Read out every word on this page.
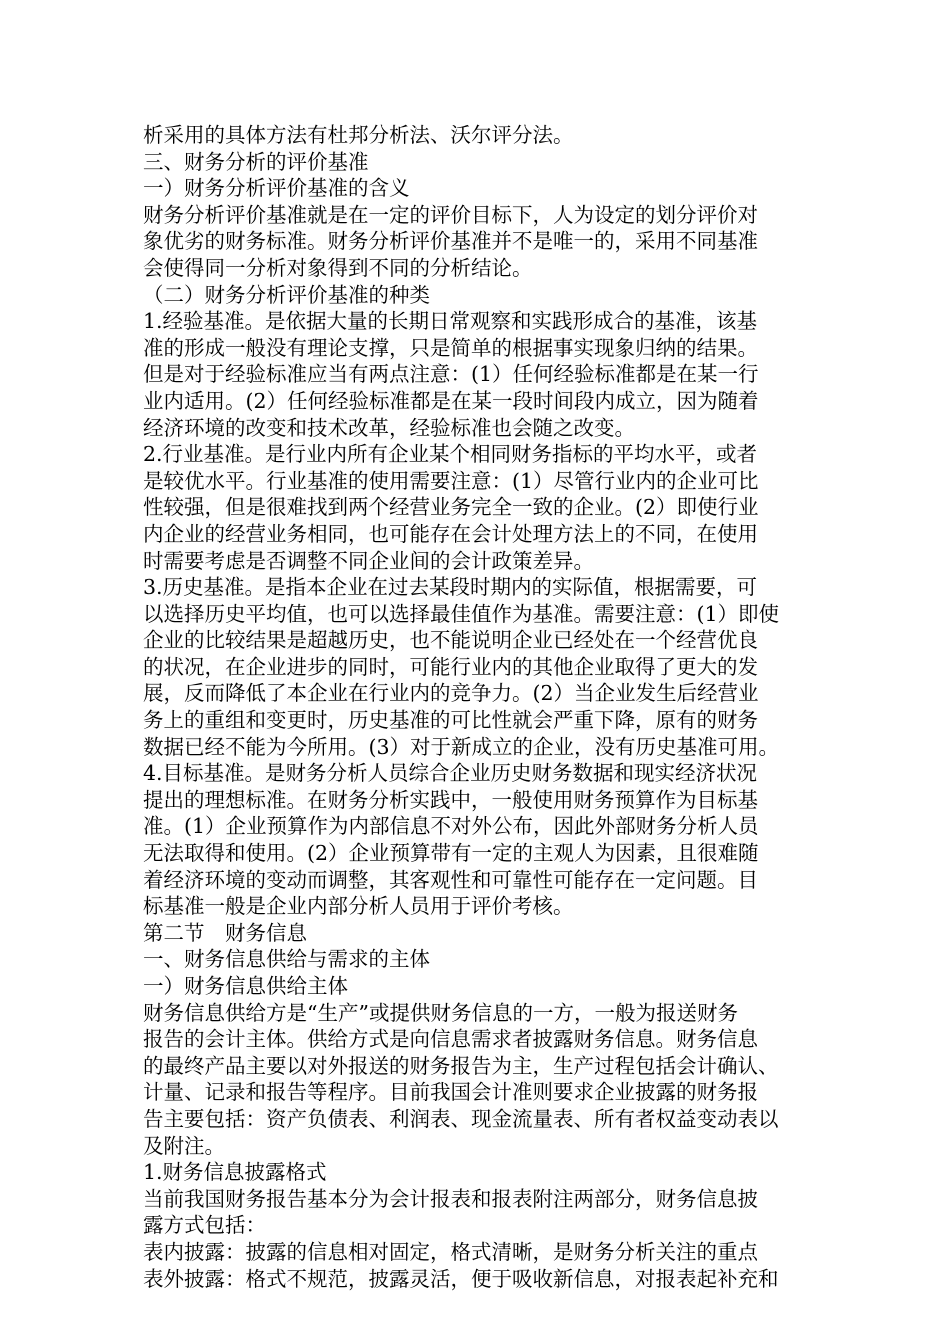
析采用的具体方法有杜邦分析法、沃尔评分法。
三、财务分析的评价基准
一）财务分析评价基准的含义
财务分析评价基准就是在一定的评价目标下，人为设定的划分评价对
象优劣的财务标准。财务分析评价基准并不是唯一的，采用不同基准
会使得同一分析对象得到不同的分析结论。
（二）财务分析评价基准的种类
1.经验基准。是依据大量的长期日常观察和实践形成合的基准，该基
准的形成一般没有理论支撑，只是简单的根据事实现象归纳的结果。
但是对于经验标准应当有两点注意：(1）任何经验标准都是在某一行
业内适用。(2）任何经验标准都是在某一段时间段内成立，因为随着
经济环境的改变和技术改革，经验标准也会随之改变。
2.行业基准。是行业内所有企业某个相同财务指标的平均水平，或者
是较优水平。行业基准的使用需要注意：(1）尽管行业内的企业可比
性较强，但是很难找到两个经营业务完全一致的企业。(2）即使行业
内企业的经营业务相同，也可能存在会计处理方法上的不同，在使用
时需要考虑是否调整不同企业间的会计政策差异。
3.历史基准。是指本企业在过去某段时期内的实际值，根据需要，可
以选择历史平均值，也可以选择最佳值作为基准。需要注意：(1）即使
企业的比较结果是超越历史，也不能说明企业已经处在一个经营优良
的状况，在企业进步的同时，可能行业内的其他企业取得了更大的发
展，反而降低了本企业在行业内的竞争力。(2）当企业发生后经营业
务上的重组和变更时，历史基准的可比性就会严重下降，原有的财务
数据已经不能为今所用。(3）对于新成立的企业，没有历史基准可用。
4.目标基准。是财务分析人员综合企业历史财务数据和现实经济状况
提出的理想标准。在财务分析实践中，一般使用财务预算作为目标基
准。(1）企业预算作为内部信息不对外公布，因此外部财务分析人员
无法取得和使用。(2）企业预算带有一定的主观人为因素，且很难随
着经济环境的变动而调整，其客观性和可靠性可能存在一定问题。目
标基准一般是企业内部分析人员用于评价考核。
第二节　财务信息
一、财务信息供给与需求的主体
一）财务信息供给主体
财务信息供给方是“生产”或提供财务信息的一方，一般为报送财务
报告的会计主体。供给方式是向信息需求者披露财务信息。财务信息
的最终产品主要以对外报送的财务报告为主，生产过程包括会计确认、
计量、记录和报告等程序。目前我国会计准则要求企业披露的财务报
告主要包括：资产负债表、利润表、现金流量表、所有者权益变动表以
及附注。
1.财务信息披露格式
当前我国财务报告基本分为会计报表和报表附注两部分，财务信息披
露方式包括：
表内披露：披露的信息相对固定，格式清晰，是财务分析关注的重点
表外披露：格式不规范，披露灵活，便于吸收新信息，对报表起补充和
